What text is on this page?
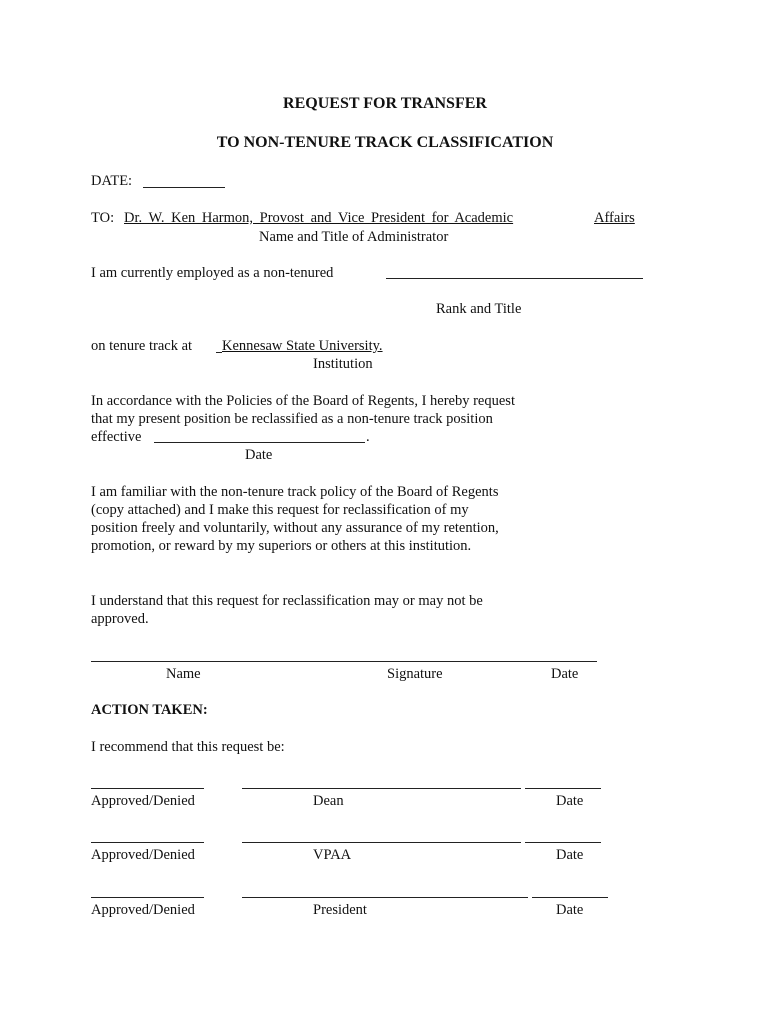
REQUEST FOR TRANSFER
TO NON-TENURE TRACK CLASSIFICATION
DATE:
TO: Dr. W. Ken Harmon, Provost and Vice President for Academic	Affairs
Name and Title of Administrator
I am currently employed as a non-tenured
Rank and Title
on tenure track at Kennesaw State University.
Institution
In accordance with the Policies of the Board of Regents, I hereby request
that my present position be reclassified as a non-tenure track position
effective	.
Date
I am familiar with the non-tenure track policy of the Board of Regents
(copy attached) and I make this request for reclassification of my
position freely and voluntarily, without any assurance of my retention,
promotion, or reward by my superiors or others at this institution.
I understand that this request for reclassification may or may not be
approved.
Name	Signature	Date
ACTION TAKEN:
I recommend that this request be:
Approved/Denied	Dean	Date
Approved/Denied	VPAA	Date
Approved/Denied	President	Date
